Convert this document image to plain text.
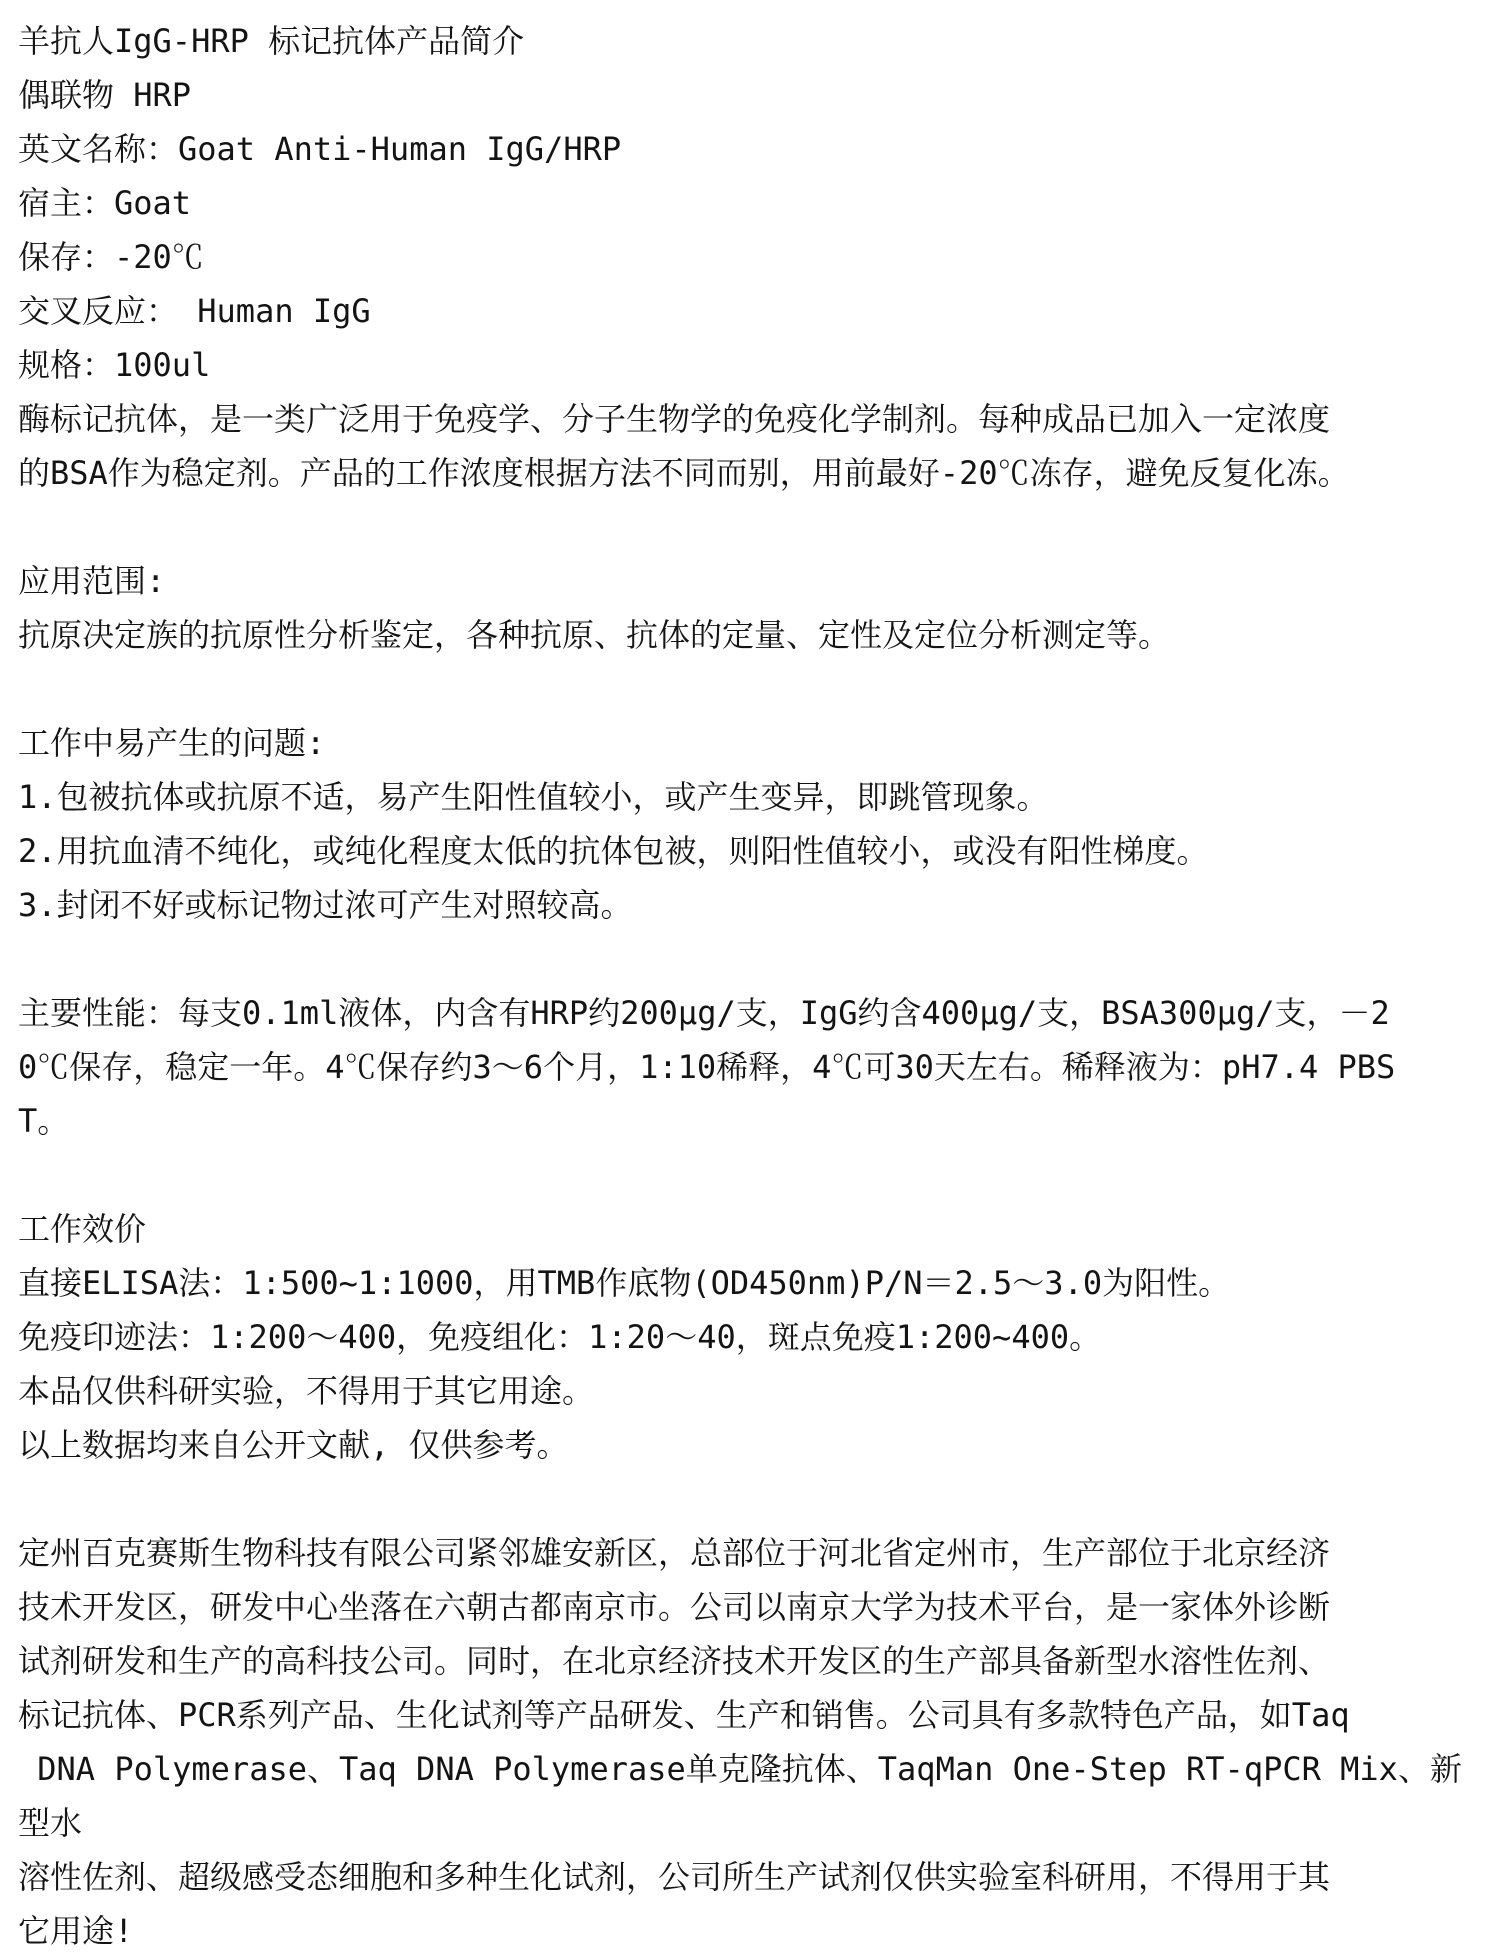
羊抗人IgG-HRP 标记抗体产品简介

偶联物 HRP

英文名称：Goat Anti-Human IgG/HRP

宿主：Goat

保存：-20℃

交叉反应： Human IgG

规格：100ul

酶标记抗体，是一类广泛用于免疫学、分子生物学的免疫化学制剂。每种成品已加入一定浓度

的BSA作为稳定剂。产品的工作浓度根据方法不同而别，用前最好-20℃冻存，避免反复化冻。

应用范围:

抗原决定族的抗原性分析鉴定，各种抗原、抗体的定量、定性及定位分析测定等。

工作中易产生的问题:

1.包被抗体或抗原不适，易产生阳性值较小，或产生变异，即跳管现象。

2.用抗血清不纯化，或纯化程度太低的抗体包被，则阳性值较小，或没有阳性梯度。

3.封闭不好或标记物过浓可产生对照较高。

主要性能：每支0.1ml液体，内含有HRP约200μg/支，IgG约含400μg/支，BSA300μg/支，－2

0℃保存，稳定一年。4℃保存约3～6个月，1:10稀释，4℃可30天左右。稀释液为：pH7.4 PBS

T。

工作效价

直接ELISA法：1:500~1:1000，用TMB作底物(OD450nm)P/N＝2.5～3.0为阳性。

免疫印迹法：1:200～400，免疫组化：1:20～40，斑点免疫1:200~400。

本品仅供科研实验，不得用于其它用途。

以上数据均来自公开文献, 仅供参考。

定州百克赛斯生物科技有限公司紧邻雄安新区，总部位于河北省定州市，生产部位于北京经济

技术开发区，研发中心坐落在六朝古都南京市。公司以南京大学为技术平台，是一家体外诊断

试剂研发和生产的高科技公司。同时，在北京经济技术开发区的生产部具备新型水溶性佐剂、

标记抗体、PCR系列产品、生化试剂等产品研发、生产和销售。公司具有多款特色产品，如Taq

DNA Polymerase、Taq DNA Polymerase单克隆抗体、TaqMan One-Step RT-qPCR Mix、新型水

溶性佐剂、超级感受态细胞和多种生化试剂，公司所生产试剂仅供实验室科研用，不得用于其

它用途!
